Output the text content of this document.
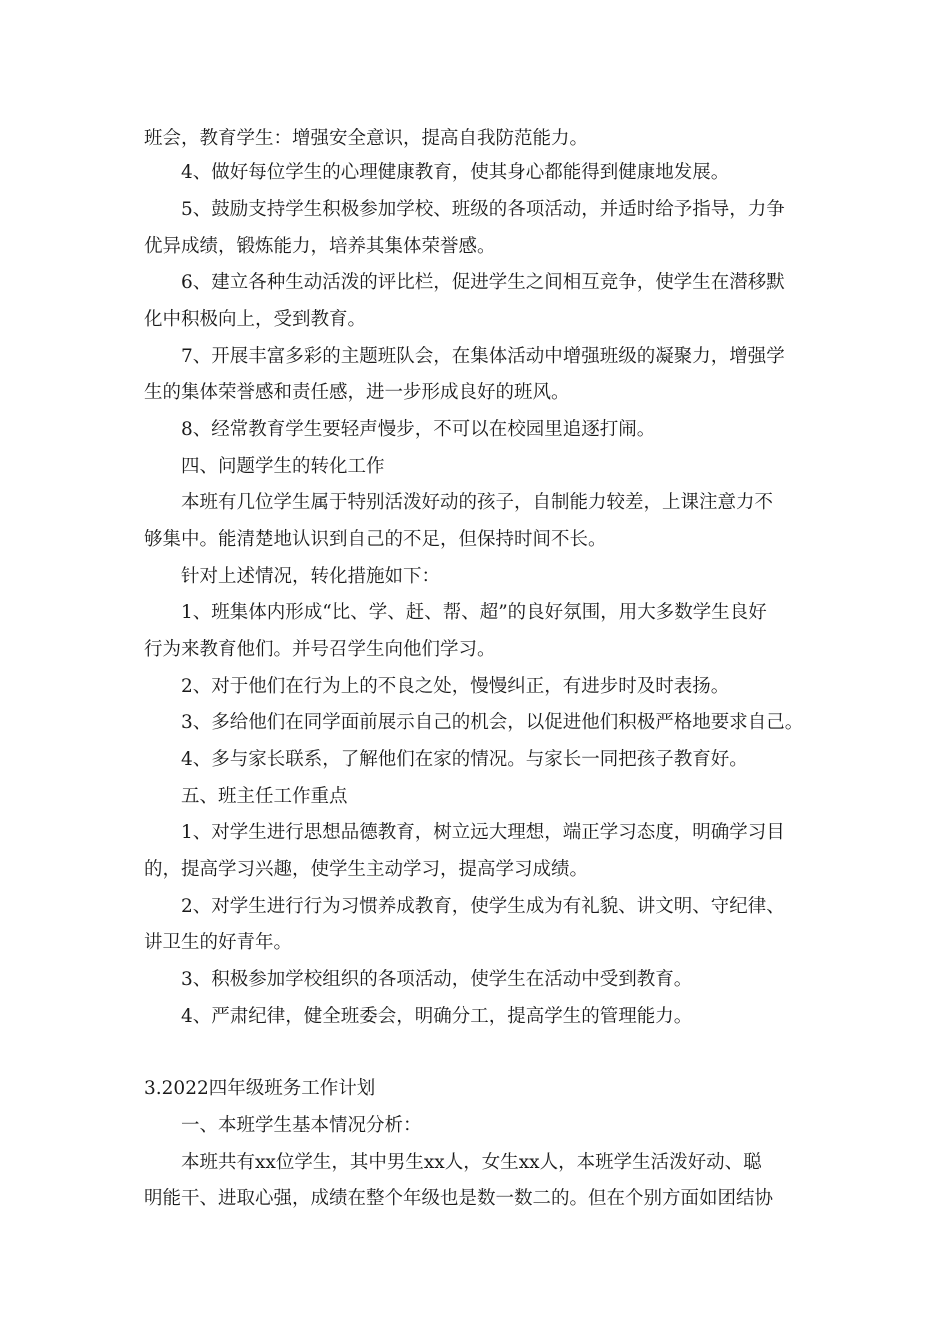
班会，教育学生：增强安全意识，提高自我防范能力。
4、做好每位学生的心理健康教育，使其身心都能得到健康地发展。
5、鼓励支持学生积极参加学校、班级的各项活动，并适时给予指导，力争
优异成绩，锻炼能力，培养其集体荣誉感。
6、建立各种生动活泼的评比栏，促进学生之间相互竞争，使学生在潜移默
化中积极向上，受到教育。
7、开展丰富多彩的主题班队会，在集体活动中增强班级的凝聚力，增强学
生的集体荣誉感和责任感，进一步形成良好的班风。
8、经常教育学生要轻声慢步，不可以在校园里追逐打闹。
四、问题学生的转化工作
本班有几位学生属于特别活泼好动的孩子，自制能力较差，上课注意力不
够集中。能清楚地认识到自己的不足，但保持时间不长。
针对上述情况，转化措施如下：
1、班集体内形成“比、学、赶、帮、超”的良好氛围，用大多数学生良好
行为来教育他们。并号召学生向他们学习。
2、对于他们在行为上的不良之处，慢慢纠正，有进步时及时表扬。
3、多给他们在同学面前展示自己的机会，以促进他们积极严格地要求自己。
4、多与家长联系，了解他们在家的情况。与家长一同把孩子教育好。
五、班主任工作重点
1、对学生进行思想品德教育，树立远大理想，端正学习态度，明确学习目
的，提高学习兴趣，使学生主动学习，提高学习成绩。
2、对学生进行行为习惯养成教育，使学生成为有礼貌、讲文明、守纪律、
讲卫生的好青年。
3、积极参加学校组织的各项活动，使学生在活动中受到教育。
4、严肃纪律，健全班委会，明确分工，提高学生的管理能力。
3.2022四年级班务工作计划
一、本班学生基本情况分析：
本班共有xx位学生，其中男生xx人，女生xx人，本班学生活泼好动、聪
明能干、进取心强，成绩在整个年级也是数一数二的。但在个别方面如团结协
